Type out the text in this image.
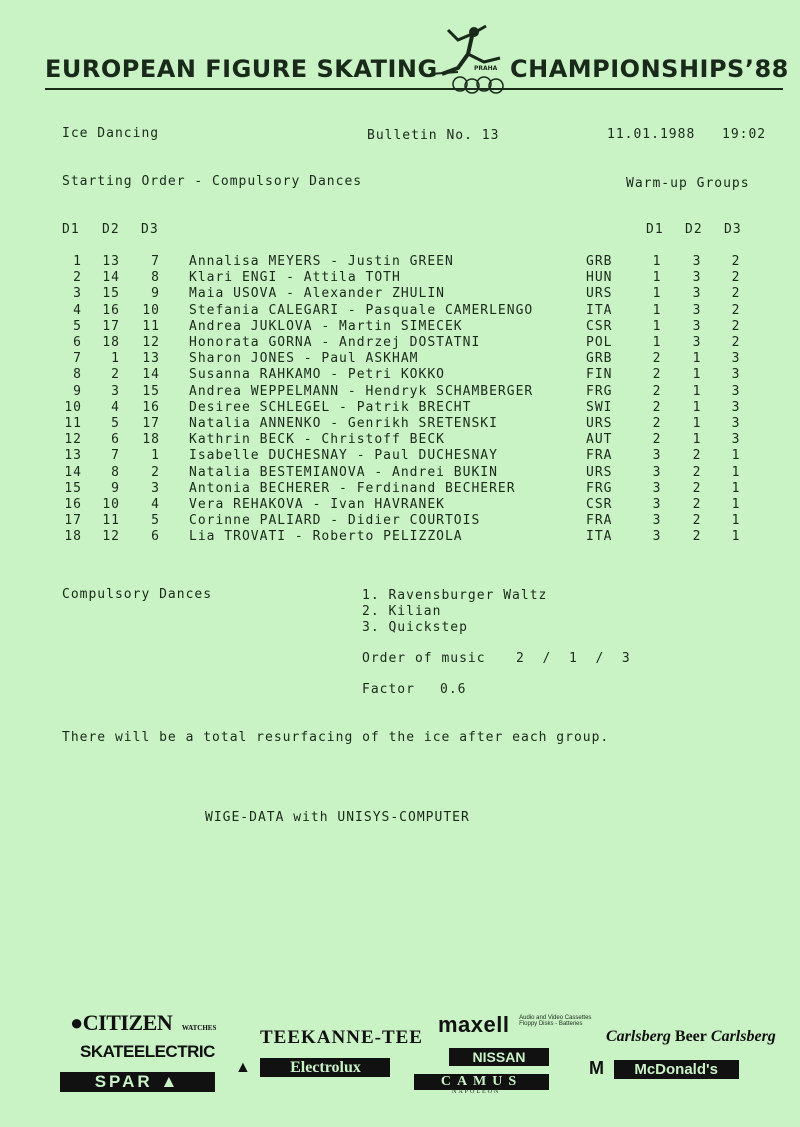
EUROPEAN FIGURE SKATING	CHAMPIONSHIPS’88
PRAHA
Ice Dancing	Bulletin No. 13	11.01.1988 19:02
Starting Order - Compulsory Dances	Warm-up Groups
D1 D2 D3	D1 D2 D3
1	13	7 Annalisa MEYERS - Justin GREEN	GRB	1 3 2
2	14	8 Klari ENGI - Attila TOTH	HUN	1 3 2
3	15	9 Maia USOVA - Alexander ZHULIN	URS	1 3 2
4	16	10 Stefania CALEGARI - Pasquale CAMERLENGO	ITA	1 3 2
5	17	11 Andrea JUKLOVA - Martin SIMECEK	CSR	1 3 2
6	18	12 Honorata GORNA - Andrzej DOSTATNI	POL	1 3 2
7	1	13 Sharon JONES - Paul ASKHAM	GRB	2 1 3
8	2	14 Susanna RAHKAMO - Petri KOKKO	FIN	2 1 3
9	3	15 Andrea WEPPELMANN - Hendryk SCHAMBERGER	FRG	2 1 3
10	4	16 Desiree SCHLEGEL - Patrik BRECHT	SWI	2 1 3
11	5	17 Natalia ANNENKO - Genrikh SRETENSKI	URS	2 1 3
12	6	18 Kathrin BECK - Christoff BECK	AUT	2 1 3
13	7	1 Isabelle DUCHESNAY - Paul DUCHESNAY	FRA	3 2 1
14	8	2 Natalia BESTEMIANOVA - Andrei BUKIN	URS	3 2 1
15	9	3 Antonia BECHERER - Ferdinand BECHERER	FRG	3 2 1
16	10	4 Vera REHAKOVA - Ivan HAVRANEK	CSR	3 2 1
17	11	5 Corinne PALIARD - Didier COURTOIS	FRA	3 2 1
18	12	6 Lia TROVATI - Roberto PELIZZOLA	ITA	3 2 1
Compulsory Dances	1. Ravensburger Waltz
2. Kilian
3. Quickstep
Order of music 2  /  1  /  3
Factor 0.6
There will be a total resurfacing of the ice after each group.
WIGE-DATA with UNISYS-COMPUTER
●CITIZEN WATCHES
SKATEELECTRIC
SPAR ▲
TEEKANNE-TEE
▲ Electrolux
maxell Audio and Video Cassettes
Floppy Disks - Batteries
NISSAN
CAMUS
NAPOLEON
Carlsberg Beer Carlsberg
M McDonald's
